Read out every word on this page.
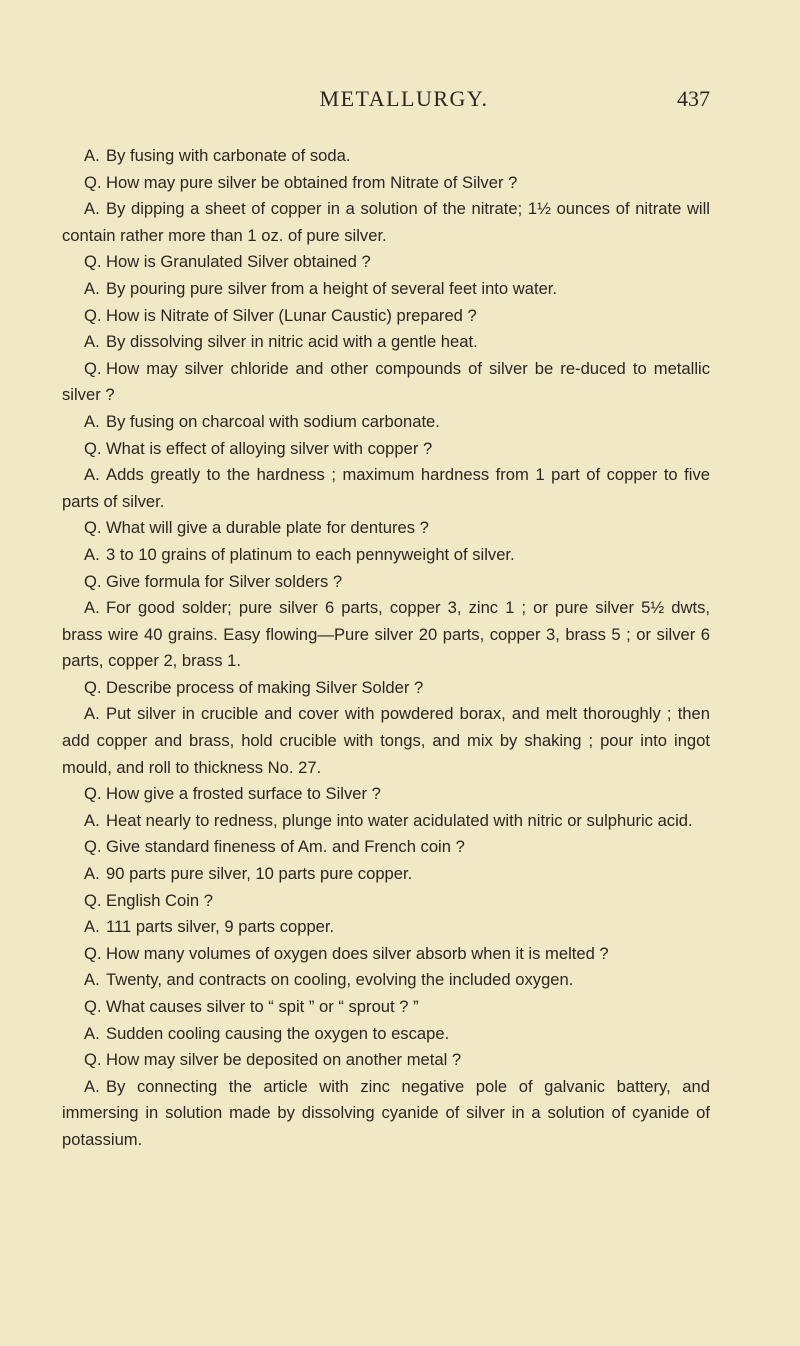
METALLURGY.	437

A. By fusing with carbonate of soda.

Q. How may pure silver be obtained from Nitrate of Silver ?

A. By dipping a sheet of copper in a solution of the nitrate; 1½ ounces of nitrate will contain rather more than 1 oz. of pure silver.

Q. How is Granulated Silver obtained ?

A. By pouring pure silver from a height of several feet into water.

Q. How is Nitrate of Silver (Lunar Caustic) prepared ?

A. By dissolving silver in nitric acid with a gentle heat.

Q. How may silver chloride and other compounds of silver be re-duced to metallic silver ?

A. By fusing on charcoal with sodium carbonate.

Q. What is effect of alloying silver with copper ?

A. Adds greatly to the hardness ; maximum hardness from 1 part of copper to five parts of silver.

Q. What will give a durable plate for dentures ?

A. 3 to 10 grains of platinum to each pennyweight of silver.

Q. Give formula for Silver solders ?

A. For good solder; pure silver 6 parts, copper 3, zinc 1 ; or pure silver 5½ dwts, brass wire 40 grains. Easy flowing—Pure silver 20 parts, copper 3, brass 5 ; or silver 6 parts, copper 2, brass 1.

Q. Describe process of making Silver Solder ?

A. Put silver in crucible and cover with powdered borax, and melt thoroughly ; then add copper and brass, hold crucible with tongs, and mix by shaking ; pour into ingot mould, and roll to thickness No. 27.

Q. How give a frosted surface to Silver ?

A. Heat nearly to redness, plunge into water acidulated with nitric or sulphuric acid.

Q. Give standard fineness of Am. and French coin ?

A. 90 parts pure silver, 10 parts pure copper.

Q. English Coin ?

A. 111 parts silver, 9 parts copper.

Q. How many volumes of oxygen does silver absorb when it is melted ?

A. Twenty, and contracts on cooling, evolving the included oxygen.

Q. What causes silver to “ spit ” or “ sprout ? ”

A. Sudden cooling causing the oxygen to escape.

Q. How may silver be deposited on another metal ?

A. By connecting the article with zinc negative pole of galvanic battery, and immersing in solution made by dissolving cyanide of silver in a solution of cyanide of potassium.
